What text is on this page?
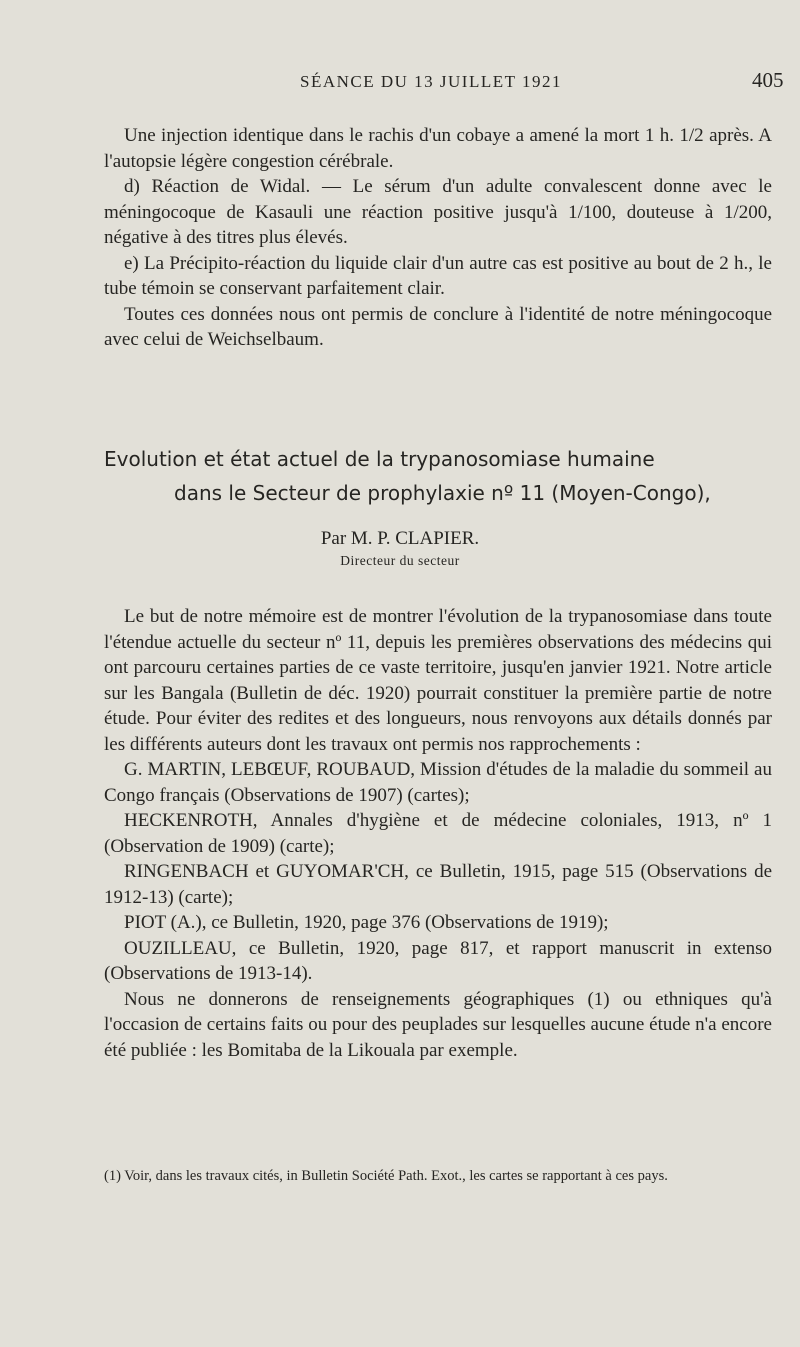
SÉANCE DU 13 JUILLET 1921	405

Une injection identique dans le rachis d'un cobaye a amené la mort 1 h. 1/2 après. A l'autopsie légère congestion cérébrale.

d) Réaction de Widal. — Le sérum d'un adulte convalescent donne avec le méningocoque de Kasauli une réaction positive jusqu'à 1/100, douteuse à 1/200, négative à des titres plus élevés.

e) La Précipito-réaction du liquide clair d'un autre cas est positive au bout de 2 h., le tube témoin se conservant parfaitement clair.

Toutes ces données nous ont permis de conclure à l'identité de notre méningocoque avec celui de Weichselbaum.

Evolution et état actuel de la trypanosomiase humaine
dans le Secteur de prophylaxie nº 11 (Moyen-Congo),
Par M. P. CLAPIER.
Directeur du secteur

Le but de notre mémoire est de montrer l'évolution de la trypanosomiase dans toute l'étendue actuelle du secteur nº 11, depuis les premières observations des médecins qui ont parcouru certaines parties de ce vaste territoire, jusqu'en janvier 1921. Notre article sur les Bangala (Bulletin de déc. 1920) pourrait constituer la première partie de notre étude. Pour éviter des redites et des longueurs, nous renvoyons aux détails donnés par les différents auteurs dont les travaux ont permis nos rapprochements :

G. MARTIN, LEBŒUF, ROUBAUD, Mission d'études de la maladie du sommeil au Congo français (Observations de 1907) (cartes);

HECKENROTH, Annales d'hygiène et de médecine coloniales, 1913, nº 1 (Observation de 1909) (carte);

RINGENBACH et GUYOMAR'CH, ce Bulletin, 1915, page 515 (Observations de 1912-13) (carte);

PIOT (A.), ce Bulletin, 1920, page 376 (Observations de 1919);

OUZILLEAU, ce Bulletin, 1920, page 817, et rapport manuscrit in extenso (Observations de 1913-14).

Nous ne donnerons de renseignements géographiques (1) ou ethniques qu'à l'occasion de certains faits ou pour des peuplades sur lesquelles aucune étude n'a encore été publiée : les Bomitaba de la Likouala par exemple.

(1) Voir, dans les travaux cités, in Bulletin Société Path. Exot., les cartes se rapportant à ces pays.
